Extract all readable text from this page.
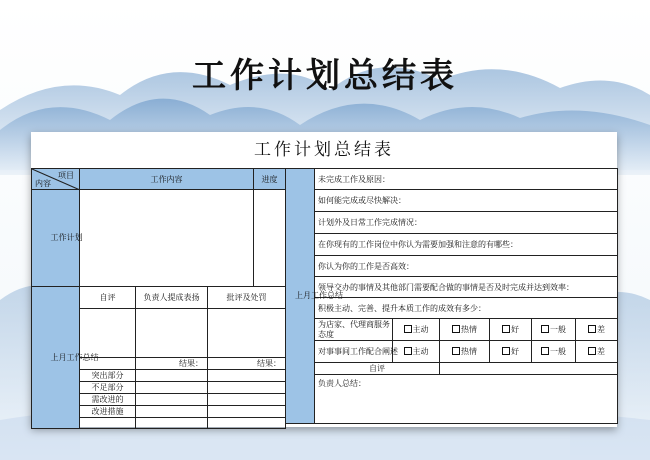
工作计划总结表
工作计划总结表
项目
内容	工作内容			进度

工作计划				

上月工作总结	自评	负责人提成表扬	批评及处罚	

		结果：	结果：	
	突出部分			
	不足部分			
	需改进的			
	改进措施			

上月工作总结	未完成工作及原因：					
	如何能完成或尽快解决：					
	计划外及日常工作完成情况：					
	在你现有的工作岗位中你认为需要加强和注意的有哪些：					
	你认为你的工作是否高效：					
	领导交办的事情及其他部门需要配合做的事情是否及时完成并达到效率：					
	积极主动、完善、提升本质工作的成效有多少：					
	为店家、代理商服务态度	主动	热情	好	一般	差
	对事事间工作配合阐述	主动	热情	好	一般	差
	自评					
	负责人总结：					
